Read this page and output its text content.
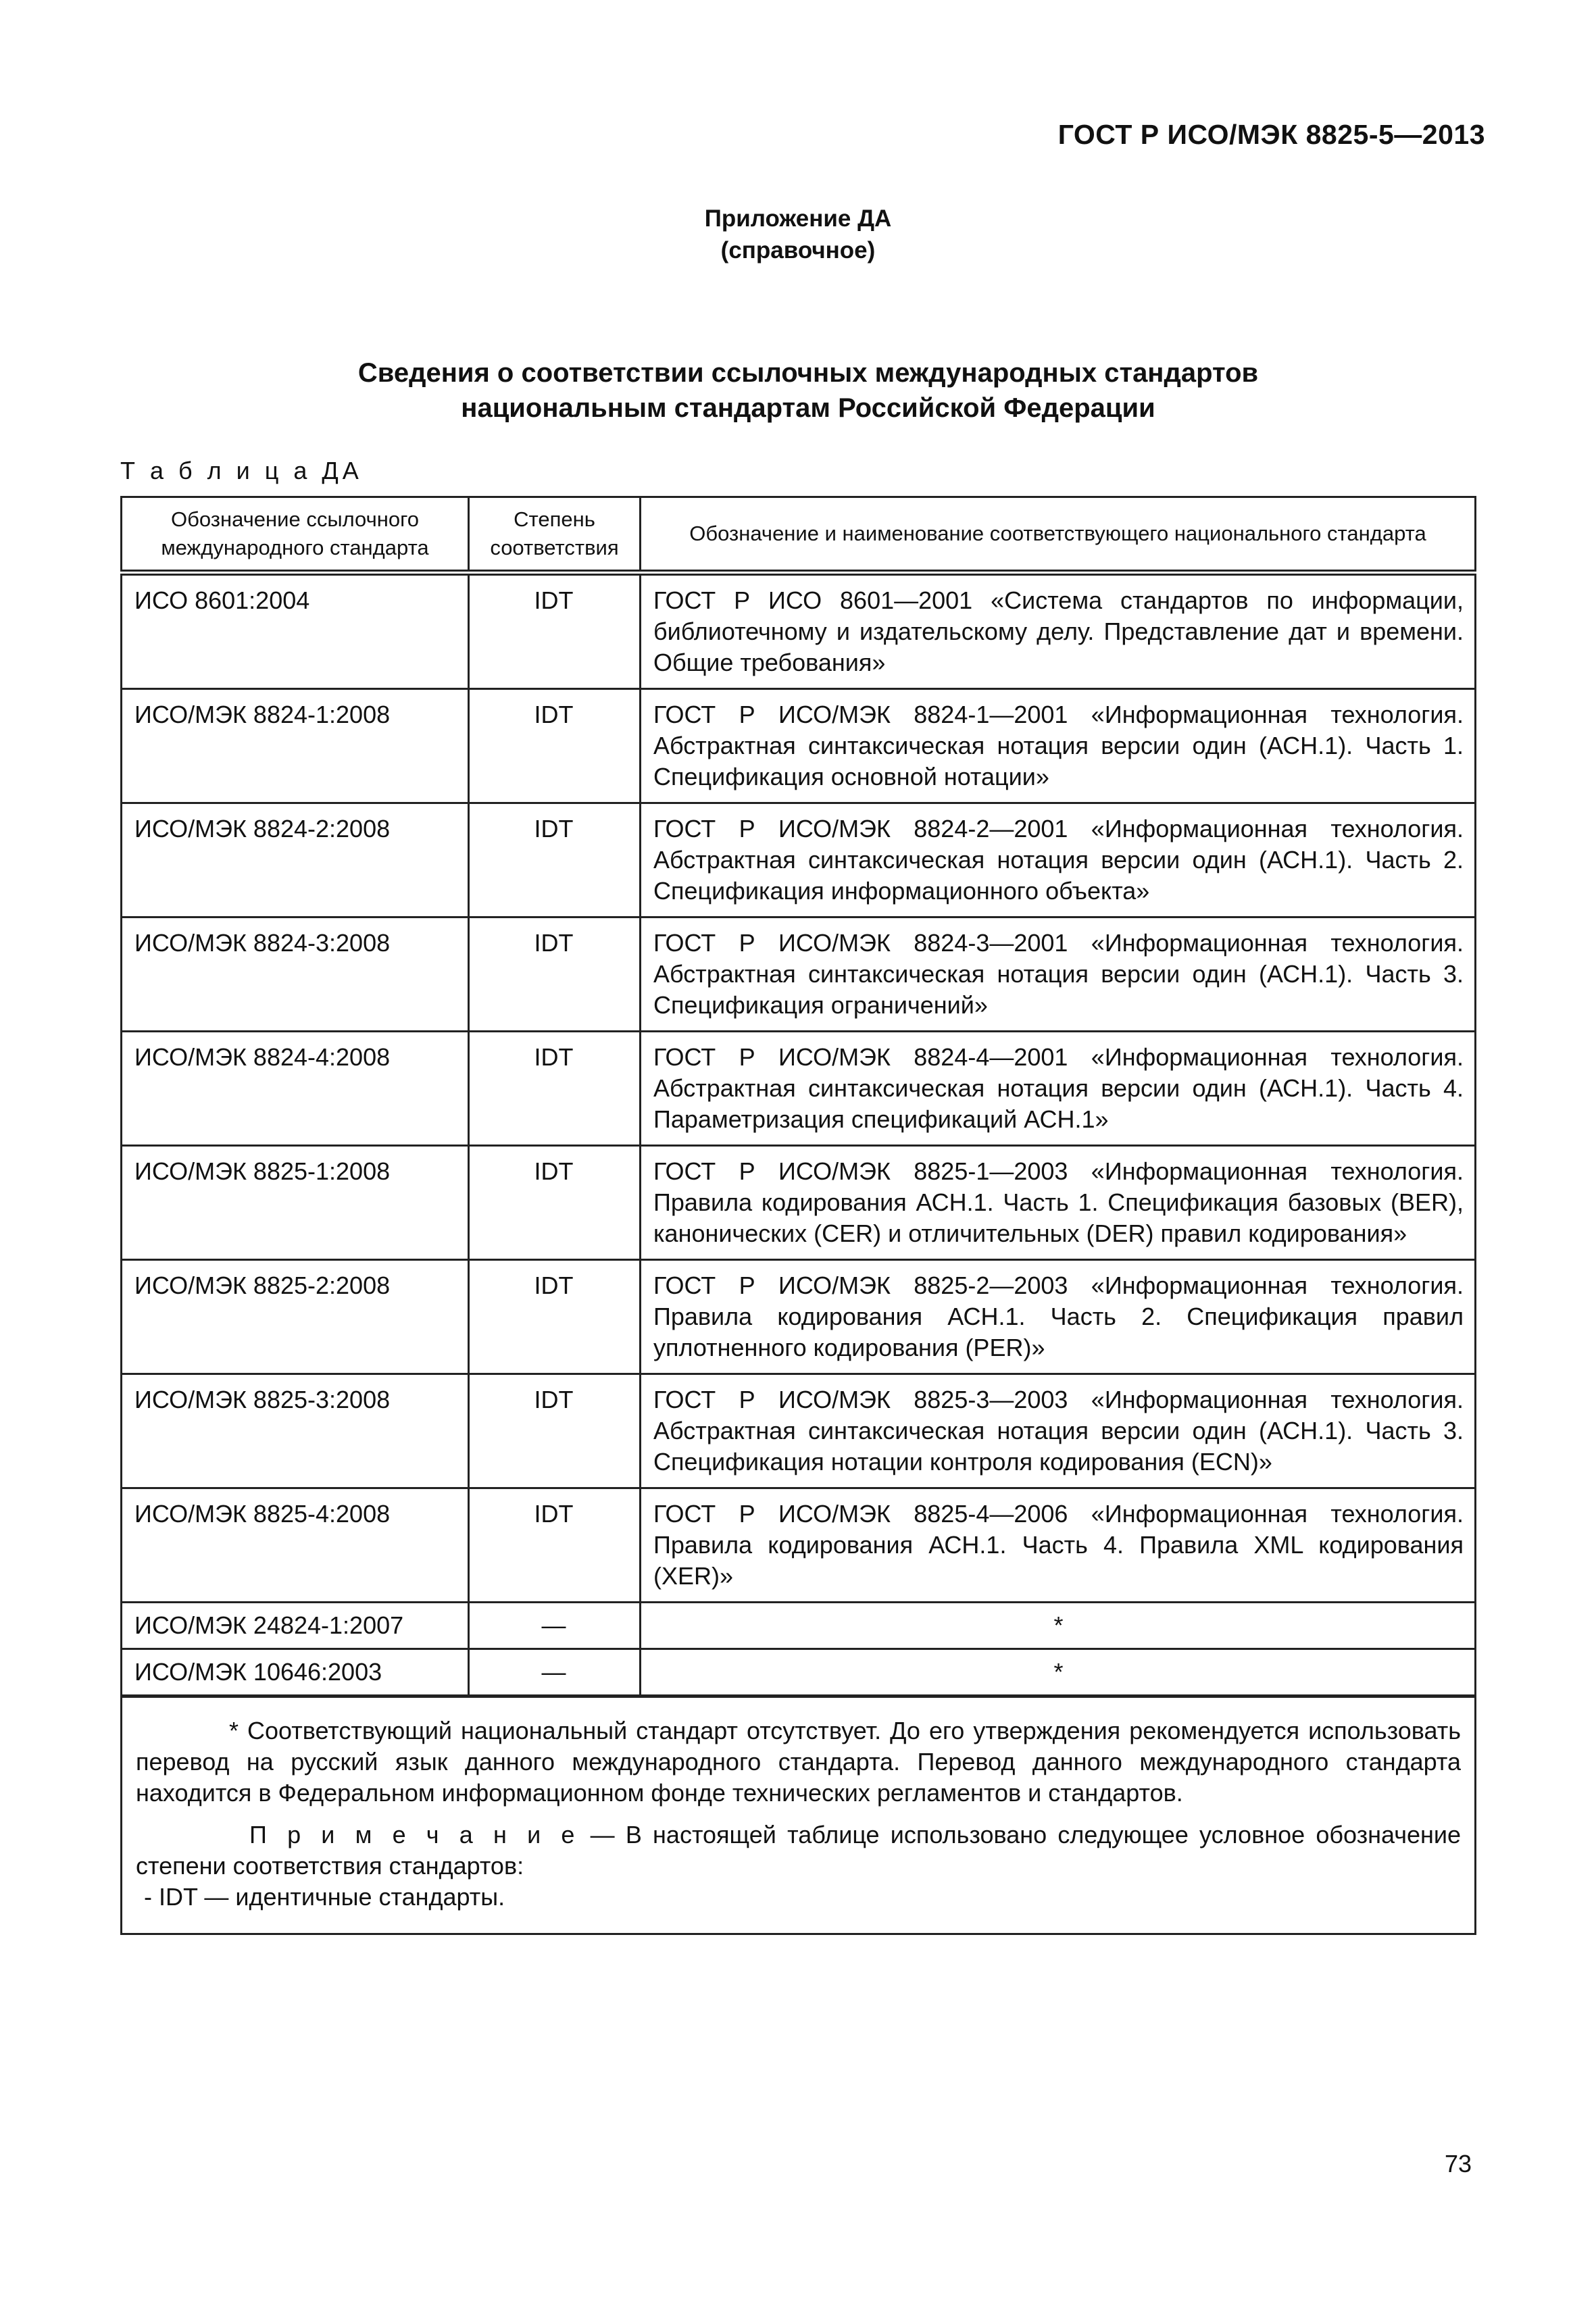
ГОСТ Р ИСО/МЭК 8825-5—2013
Приложение ДА
(справочное)
Сведения о соответствии ссылочных международных стандартов
национальным стандартам Российской Федерации
Т а б л и ц а ДА
Обозначение ссылочного международного стандарта	Степень соответствия	Обозначение и наименование соответствующего национального стандарта
ИСО 8601:2004	IDT	ГОСТ Р ИСО 8601—2001 «Система стандартов по информации, библиотечному и издательскому делу. Представление дат и времени. Общие требования»
ИСО/МЭК 8824-1:2008	IDT	ГОСТ Р ИСО/МЭК 8824-1—2001 «Информационная технология. Абстрактная синтаксическая нотация версии один (АСН.1). Часть 1. Спецификация основной нотации»
ИСО/МЭК 8824-2:2008	IDT	ГОСТ Р ИСО/МЭК 8824-2—2001 «Информационная технология. Абстрактная синтаксическая нотация версии один (АСН.1). Часть 2. Спецификация информационного объекта»
ИСО/МЭК 8824-3:2008	IDT	ГОСТ Р ИСО/МЭК 8824-3—2001 «Информационная технология. Абстрактная синтаксическая нотация версии один (АСН.1). Часть 3. Спецификация ограничений»
ИСО/МЭК 8824-4:2008	IDT	ГОСТ Р ИСО/МЭК 8824-4—2001 «Информационная технология. Абстрактная синтаксическая нотация версии один (АСН.1). Часть 4. Параметризация спецификаций АСН.1»
ИСО/МЭК 8825-1:2008	IDT	ГОСТ Р ИСО/МЭК 8825-1—2003 «Информационная технология. Правила кодирования АСН.1. Часть 1. Спецификация базовых (BER), канонических (CER) и отличительных (DER) правил кодирования»
ИСО/МЭК 8825-2:2008	IDT	ГОСТ Р ИСО/МЭК 8825-2—2003 «Информационная технология. Правила кодирования АСН.1. Часть 2. Спецификация правил уплотненного кодирования (PER)»
ИСО/МЭК 8825-3:2008	IDT	ГОСТ Р ИСО/МЭК 8825-3—2003 «Информационная технология. Абстрактная синтаксическая нотация версии один (АСН.1). Часть 3. Спецификация нотации контроля кодирования (ECN)»
ИСО/МЭК 8825-4:2008	IDT	ГОСТ Р ИСО/МЭК 8825-4—2006 «Информационная технология. Правила кодирования АСН.1. Часть 4. Правила XML кодирования (XER)»
ИСО/МЭК 24824-1:2007	—	*
ИСО/МЭК 10646:2003	—	*

* Соответствующий национальный стандарт отсутствует. До его утверждения рекомендуется использовать перевод на русский язык данного международного стандарта. Перевод данного международного стандарта находится в Федеральном информационном фонде технических регламентов и стандартов.

П р и м е ч а н и е — В настоящей таблице использовано следующее условное обозначение степени соответствия стандартов:

- IDT — идентичные стандарты.		

73
